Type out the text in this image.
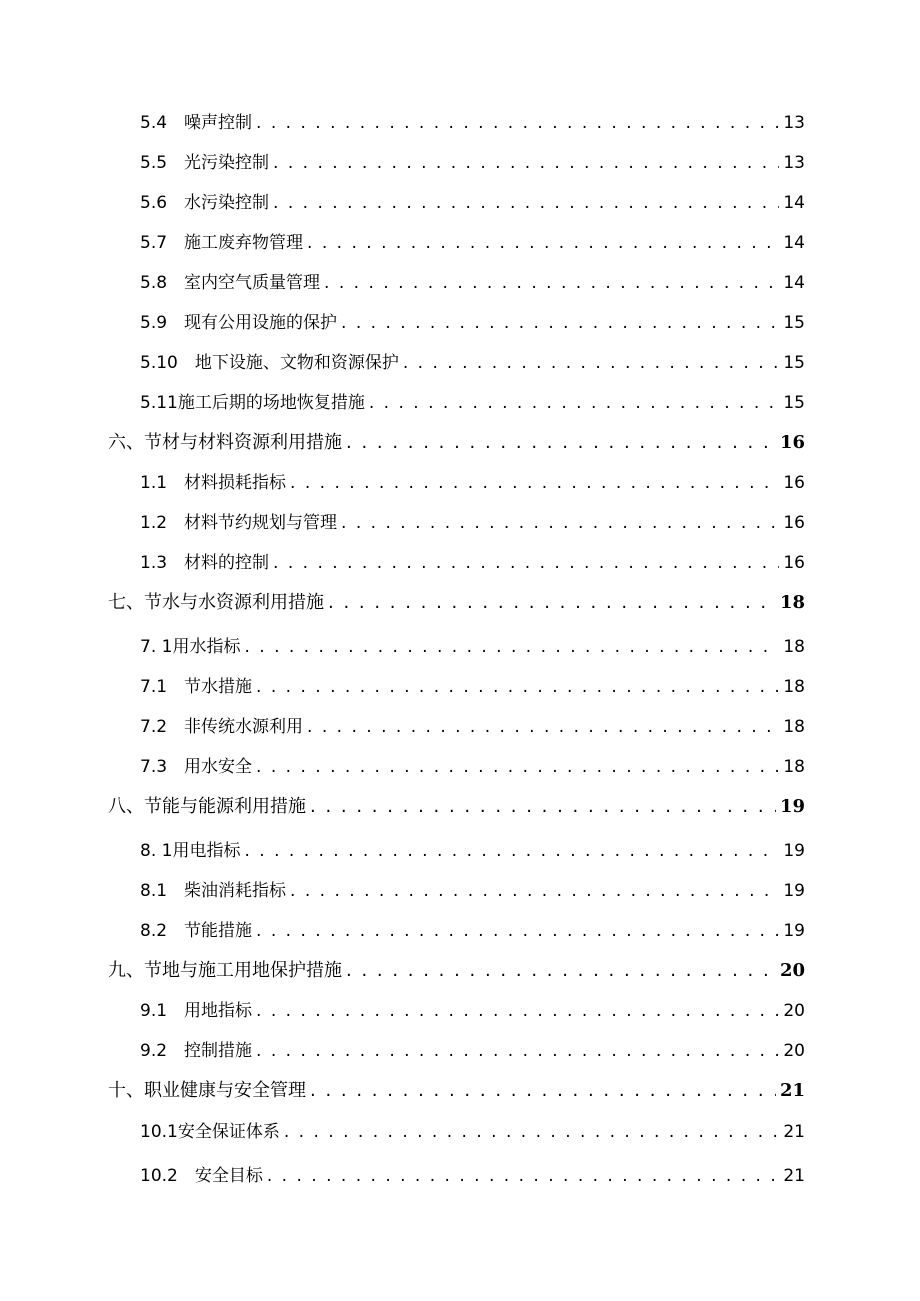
5.4　噪声控制 . . .	13
5.5　光污染控制 . . .	13
5.6　水污染控制 . . .	14
5.7　施工废弃物管理 . . .	14
5.8　室内空气质量管理 . . .	14
5.9　现有公用设施的保护 . . .	15
5.10　地下设施、文物和资源保护 . . .	15
5.11施工后期的场地恢复措施 . . .	15
六、节材与材料资源利用措施 . . .	16
1.1　材料损耗指标 . . .	16
1.2　材料节约规划与管理 . . .	16
1.3　材料的控制 . . .	16
七、节水与水资源利用措施 . . .	18
7. 1用水指标 . . .	18
7.1　节水措施 . . .	18
7.2　非传统水源利用 . . .	18
7.3　用水安全 . . .	18
八、节能与能源利用措施 . . .	19
8. 1用电指标 . . .	19
8.1　柴油消耗指标 . . .	19
8.2　节能措施 . . .	19
九、节地与施工用地保护措施 . . .	20
9.1　用地指标 . . .	20
9.2　控制措施 . . .	20
十、职业健康与安全管理 . . .	21
10.1安全保证体系 . . .	21
10.2　安全目标 . . .	21
